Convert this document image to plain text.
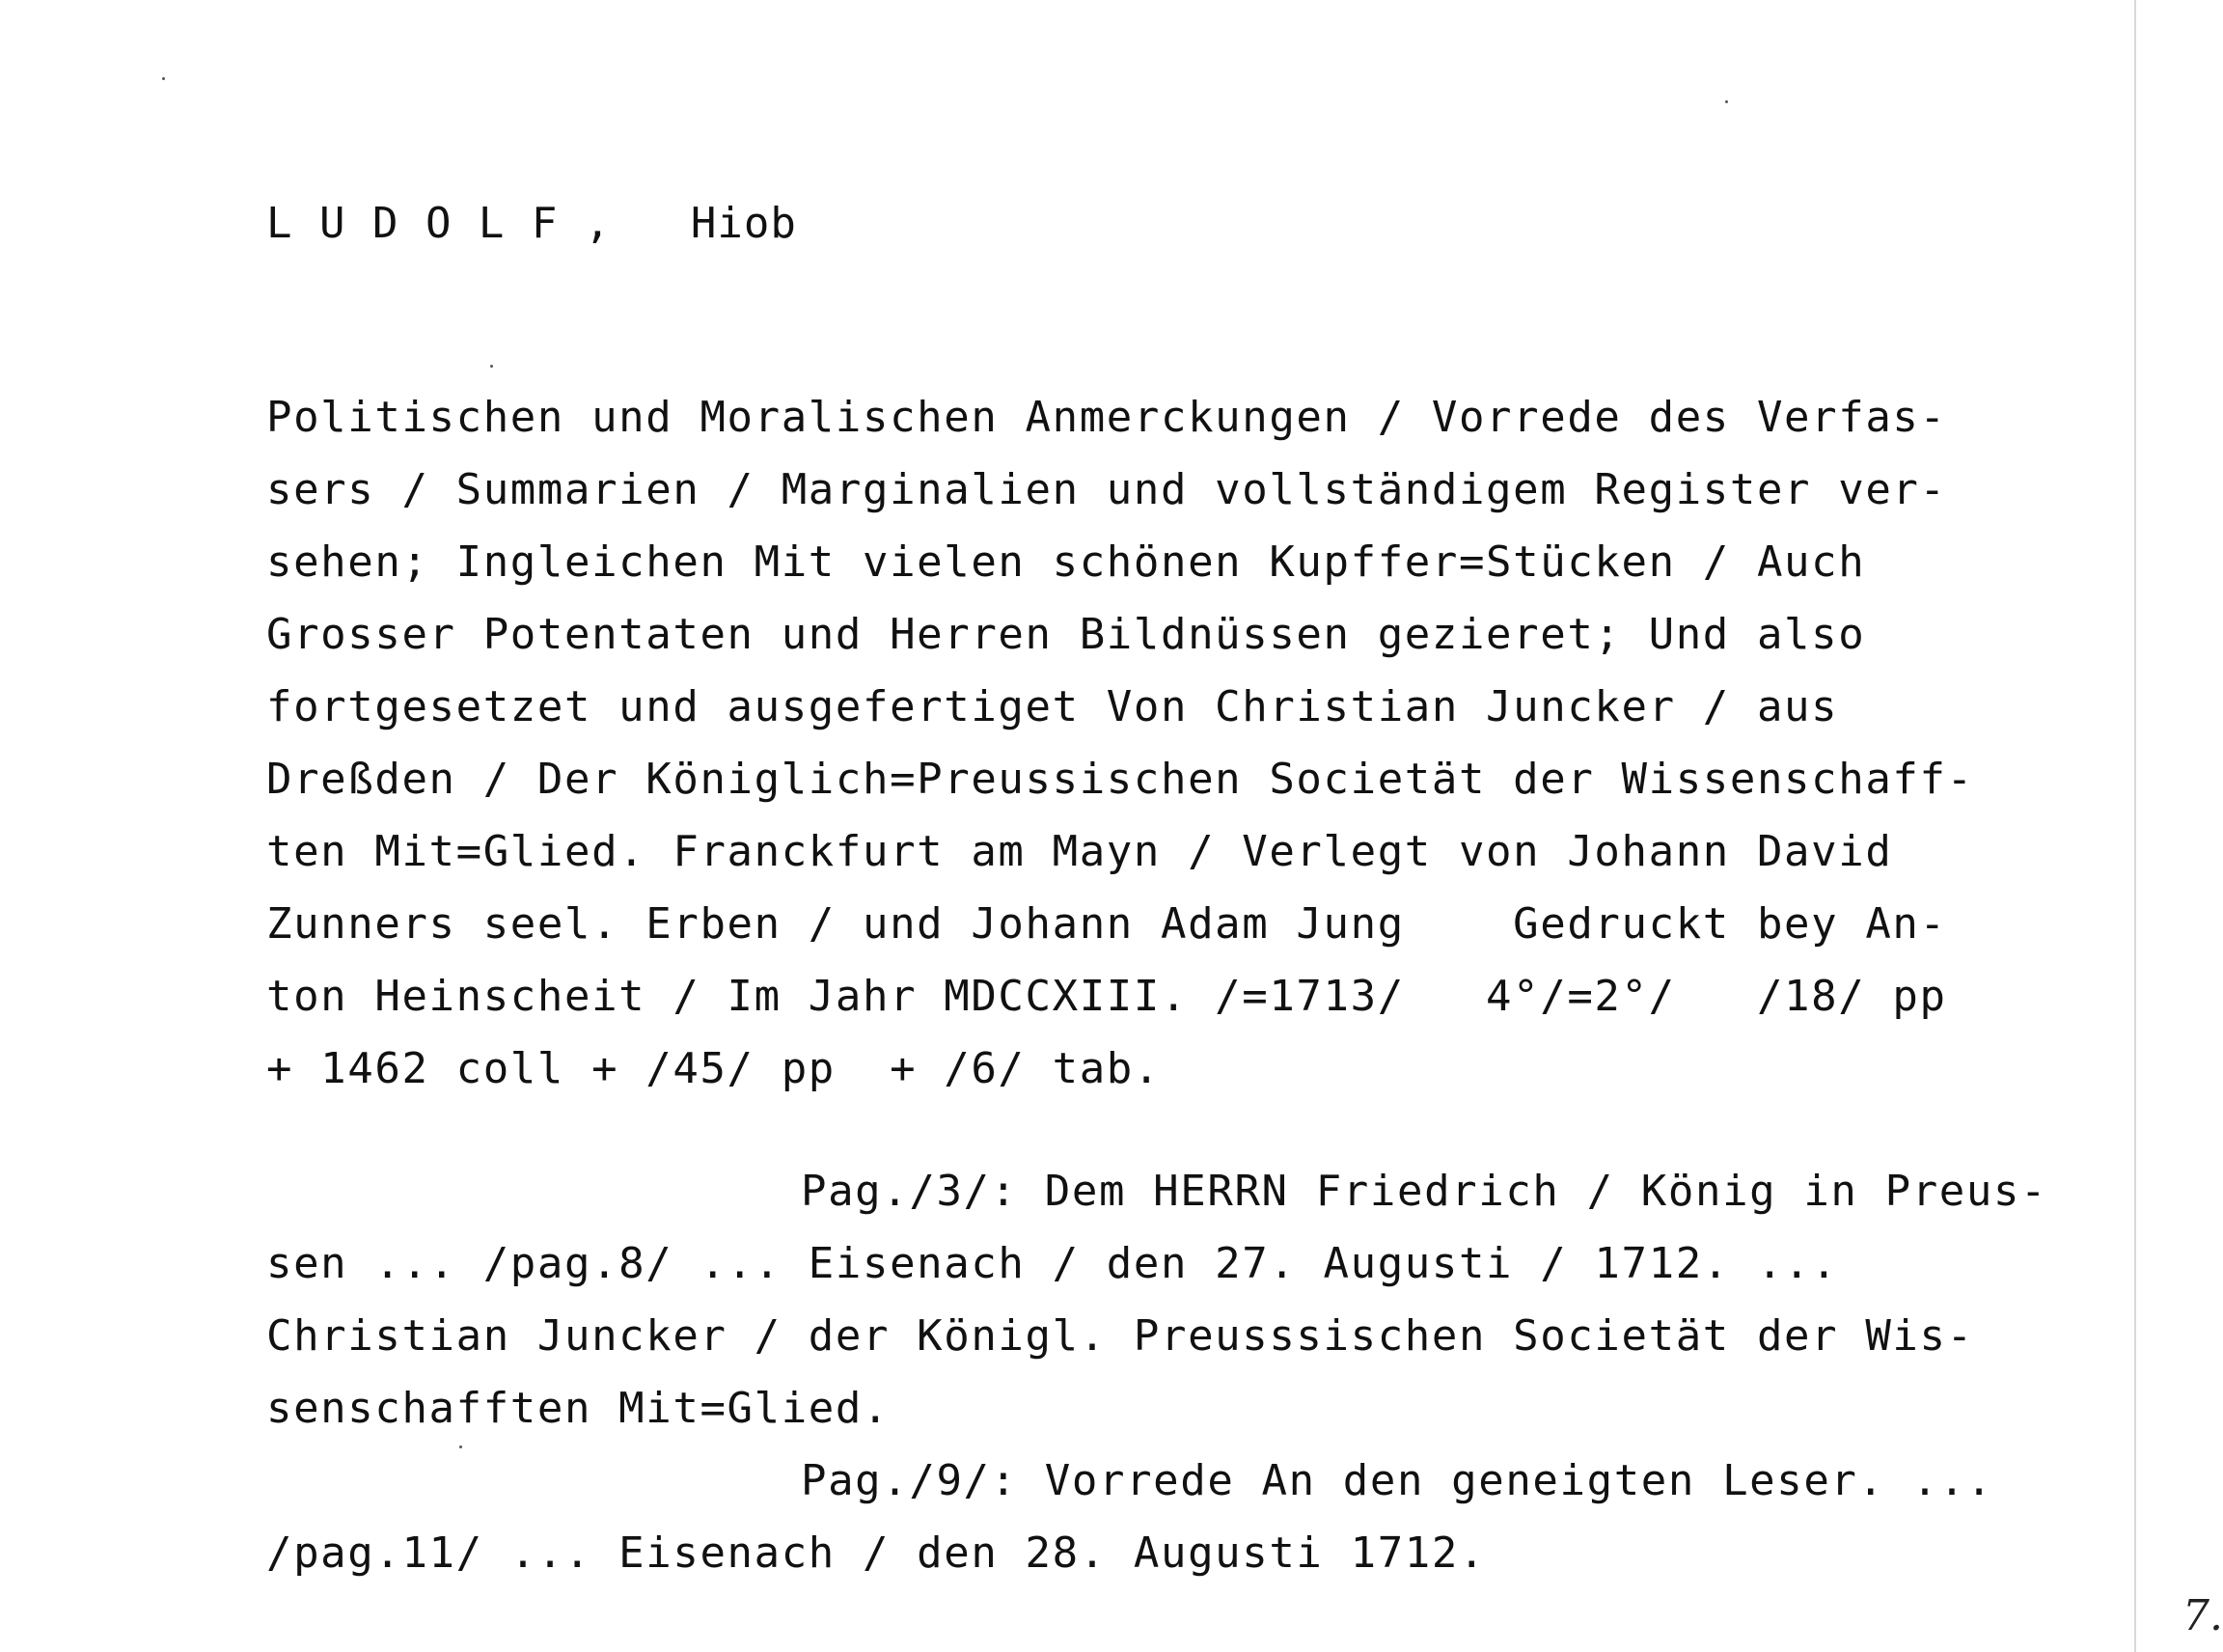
L U D O L F ,   Hiob
Politischen und Moralischen Anmerckungen / Vorrede des Verfas-
sers / Summarien / Marginalien und vollständigem Register ver-
sehen; Ingleichen Mit vielen schönen Kupffer=Stücken / Auch
Grosser Potentaten und Herren Bildnüssen gezieret; Und also
fortgesetzet und ausgefertiget Von Christian Juncker / aus
Dreßden / Der Königlich=Preussischen Societät der Wissenschaff-
ten Mit=Glied. Franckfurt am Mayn / Verlegt von Johann David
Zunners seel. Erben / und Johann Adam Jung    Gedruckt bey An-
ton Heinscheit / Im Jahr MDCCXIII. /=1713/   4°/=2°/   /18/ pp
+ 1462 coll + /45/ pp  + /6/ tab.
Pag./3/: Dem HERRN Friedrich / König in Preus-
sen ... /pag.8/ ... Eisenach / den 27. Augusti / 1712. ...
Christian Juncker / der Königl. Preusssischen Societät der Wis-
senschafften Mit=Glied.
Pag./9/: Vorrede An den geneigten Leser. ...
/pag.11/ ... Eisenach / den 28. Augusti 1712.
7.
